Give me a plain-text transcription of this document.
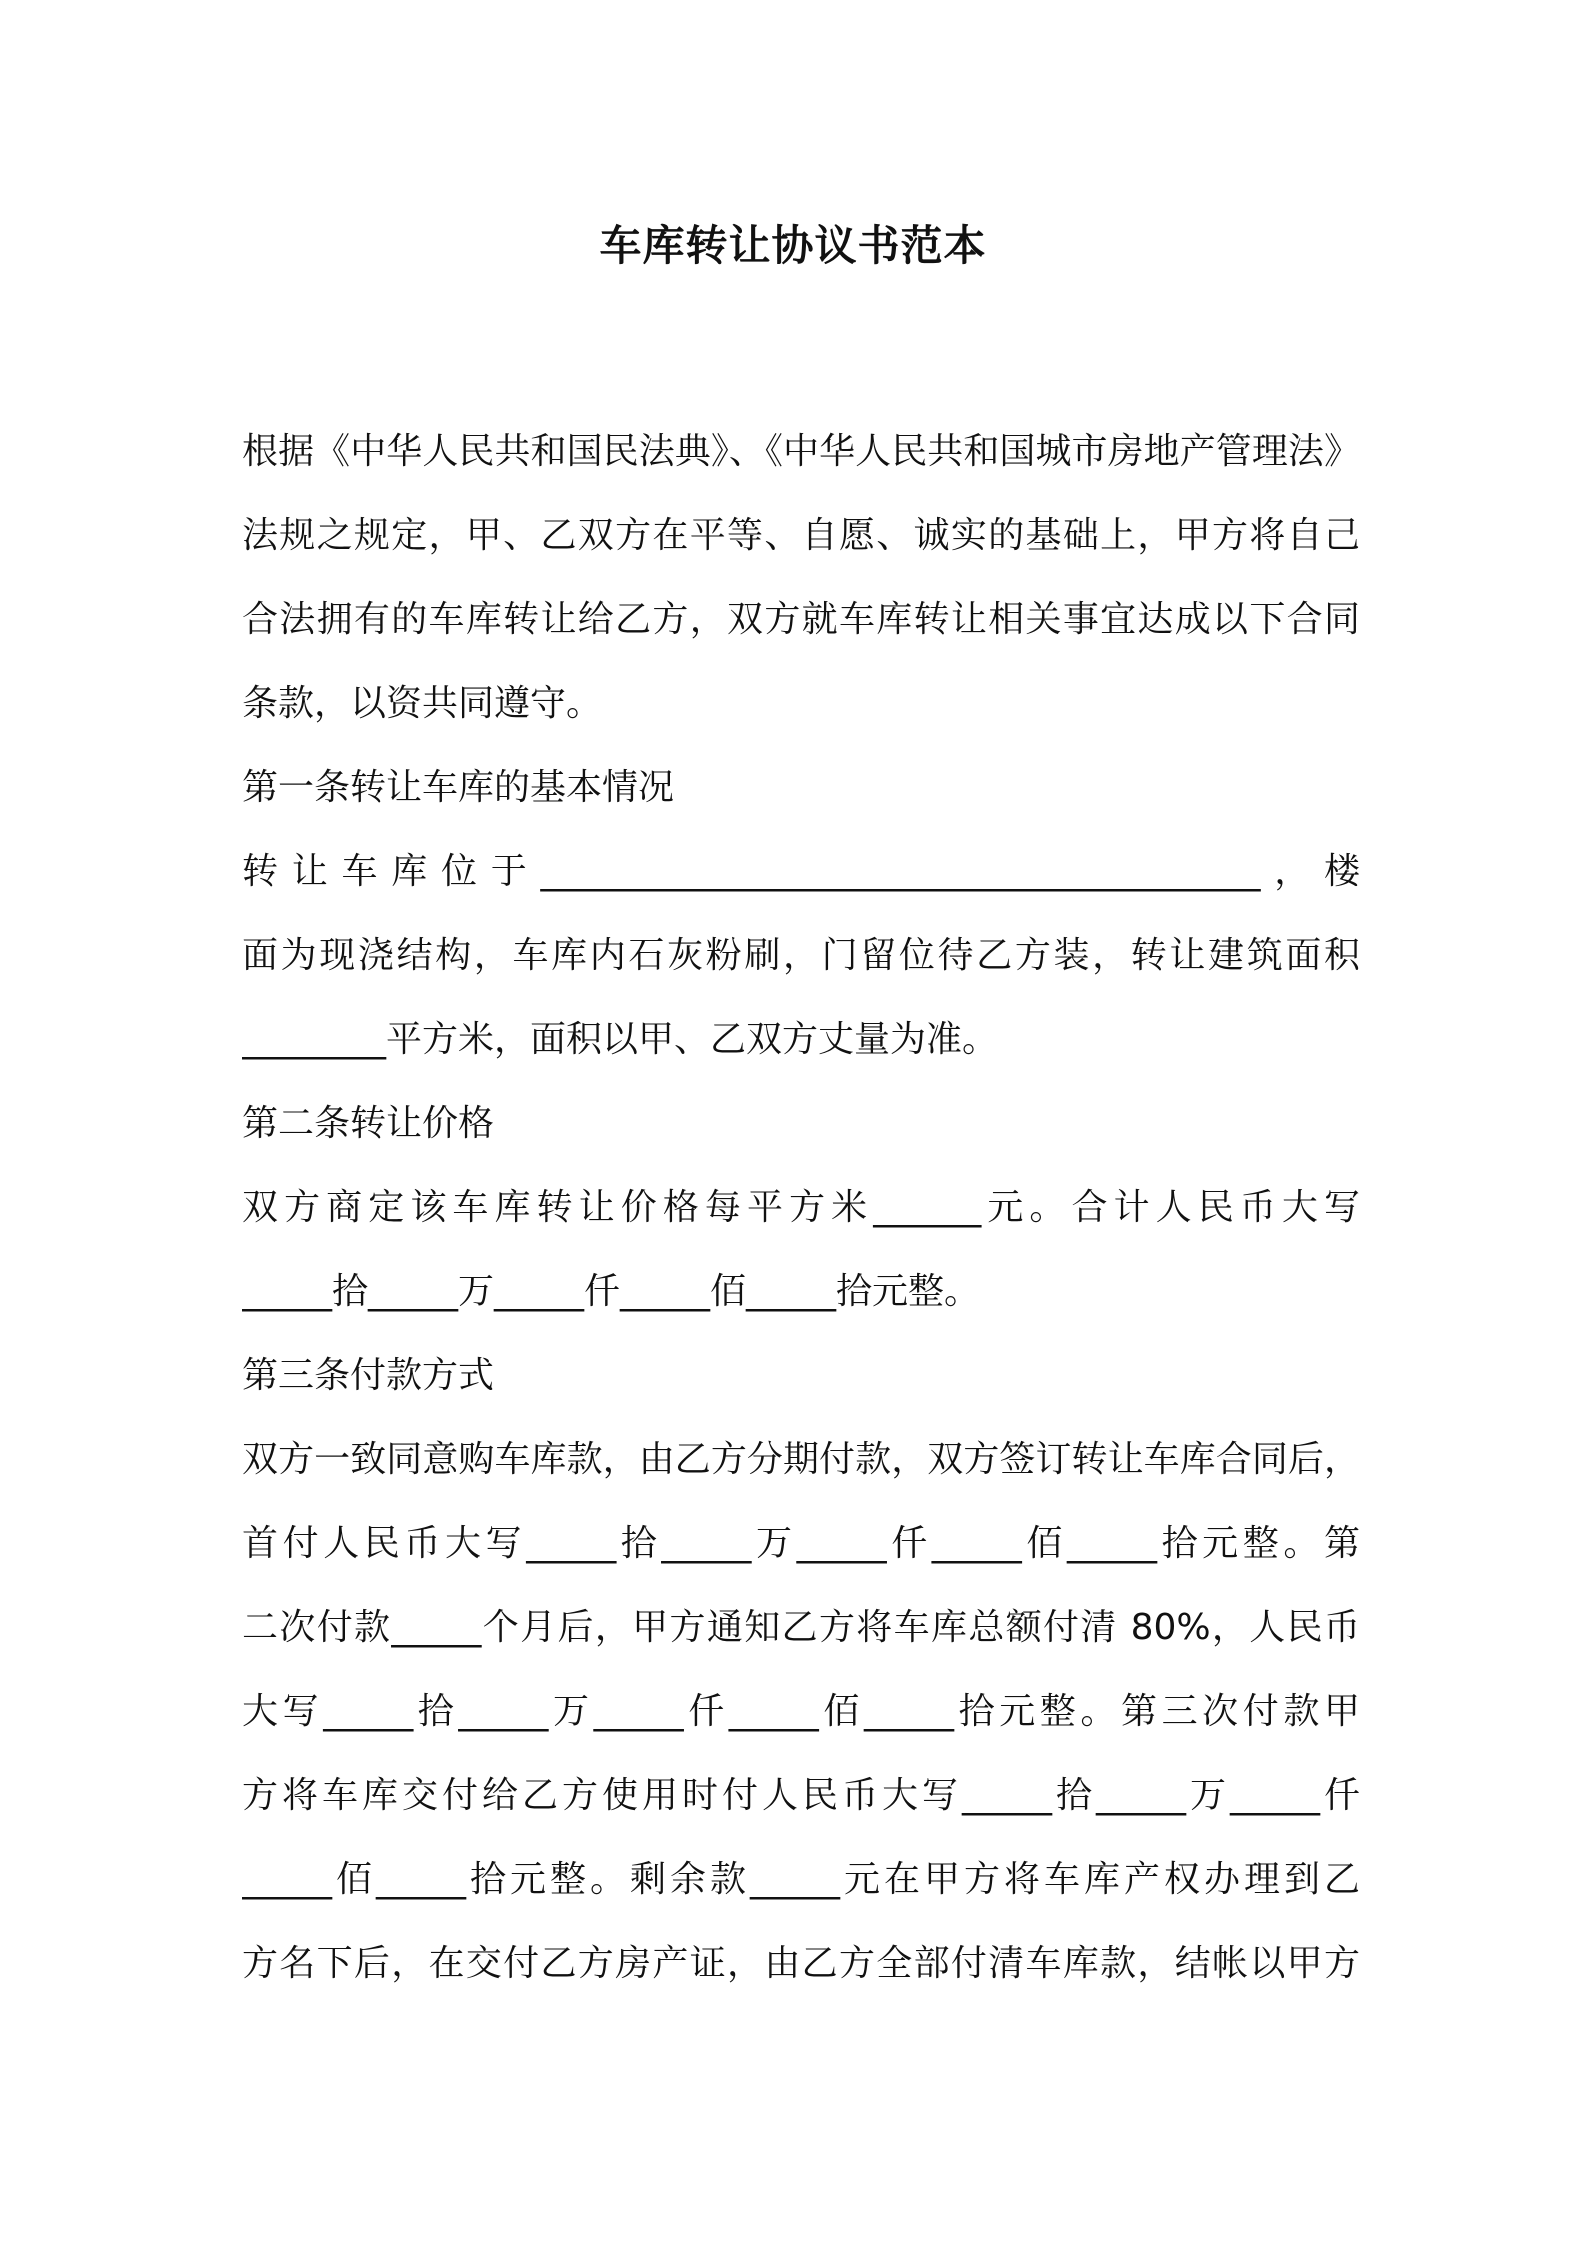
车库转让协议书范本
根据《中华人民共和国民法典》、《中华人民共和国城市房地产管理法》
法规之规定，甲、乙双方在平等、自愿、诚实的基础上，甲方将自己
合法拥有的车库转让给乙方，双方就车库转让相关事宜达成以下合同
条款，以资共同遵守。
第一条转让车库的基本情况
转让车库位于________________________________________，楼
面为现浇结构，车库内石灰粉刷，门留位待乙方装，转让建筑面积
________平方米，面积以甲、乙双方丈量为准。
第二条转让价格
双方商定该车库转让价格每平方米______元。合计人民币大写
_____拾_____万_____仟_____佰_____拾元整。
第三条付款方式
双方一致同意购车库款，由乙方分期付款，双方签订转让车库合同后，
首付人民币大写_____拾_____万_____仟_____佰_____拾元整。第
二次付款_____个月后，甲方通知乙方将车库总额付清 80%，人民币
大写_____拾_____万_____仟_____佰_____拾元整。第三次付款甲
方将车库交付给乙方使用时付人民币大写_____拾_____万_____仟
_____佰_____拾元整。剩余款_____元在甲方将车库产权办理到乙
方名下后，在交付乙方房产证，由乙方全部付清车库款，结帐以甲方
